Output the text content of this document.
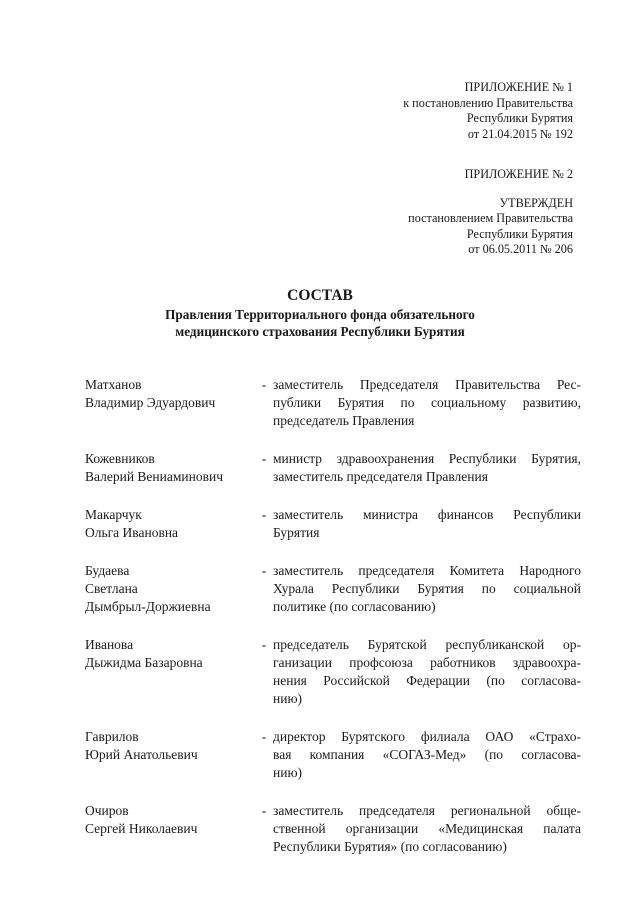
ПРИЛОЖЕНИЕ № 1
к постановлению Правительства
Республики Бурятия
от 21.04.2015 № 192
ПРИЛОЖЕНИЕ № 2
УТВЕРЖДЕН
постановлением Правительства
Республики Бурятия
от 06.05.2011 № 206
СОСТАВ
Правления Территориального фонда обязательного
медицинского страхования Республики Бурятия
Матханов
Владимир Эдуардович
- заместитель Председателя Правительства Рес-
публики Бурятия по социальному развитию,
председатель Правления
Кожевников
Валерий Вениаминович
- министр здравоохранения Республики Бурятия,
заместитель председателя Правления
Макарчук
Ольга Ивановна
- заместитель министра финансов Республики
Бурятия
Будаева
Светлана
Дымбрыл-Доржиевна
- заместитель председателя Комитета Народного
Хурала Республики Бурятия по социальной
политике (по согласованию)
Иванова
Дыжидма Базаровна
- председатель Бурятской республиканской ор-
ганизации профсоюза работников здравоохра-
нения Российской Федерации (по согласова-
нию)
Гаврилов
Юрий Анатольевич
- директор Бурятского филиала ОАО «Страхо-
вая компания «СОГАЗ-Мед» (по согласова-
нию)
Очиров
Сергей Николаевич
- заместитель председателя региональной обще-
ственной организации «Медицинская палата
Республики Бурятия» (по согласованию)
